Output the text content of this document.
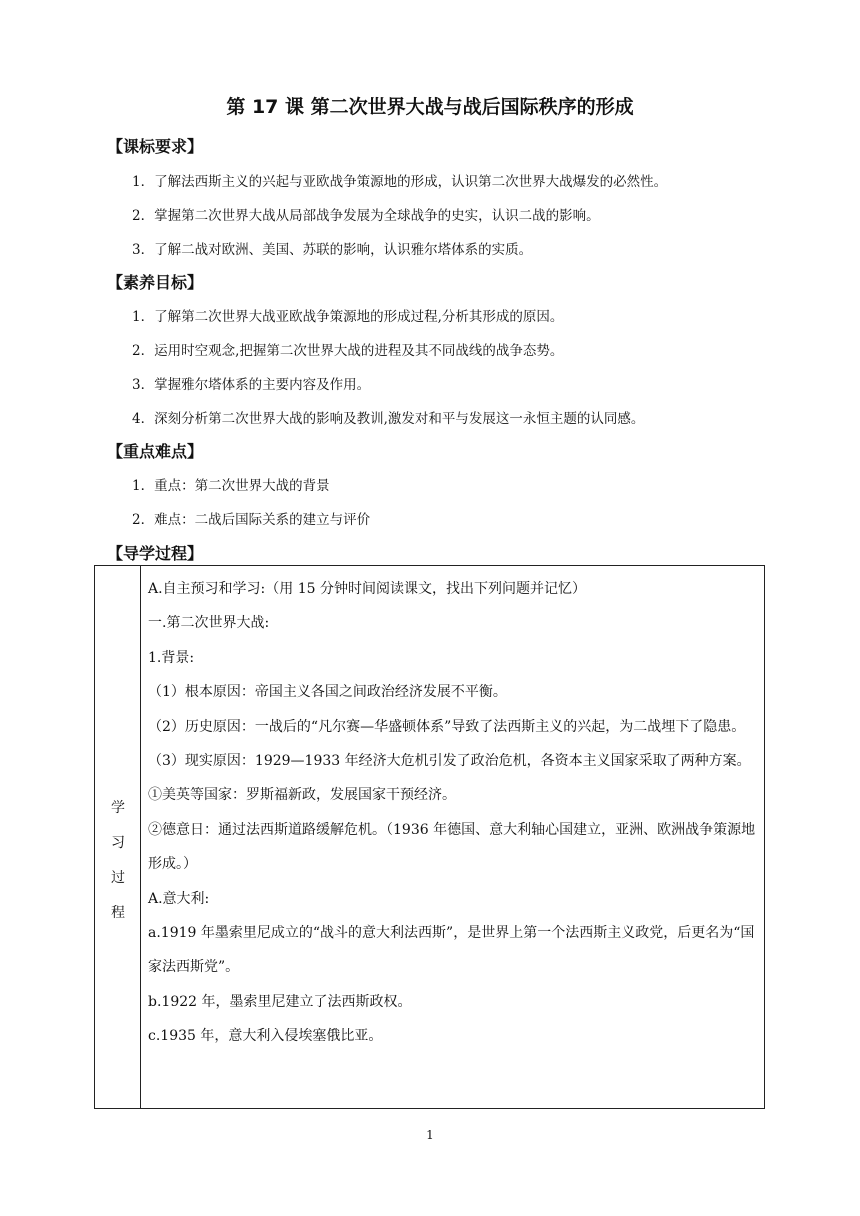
第 17 课 第二次世界大战与战后国际秩序的形成
【课标要求】
1．了解法西斯主义的兴起与亚欧战争策源地的形成，认识第二次世界大战爆发的必然性。
2．掌握第二次世界大战从局部战争发展为全球战争的史实，认识二战的影响。
3．了解二战对欧洲、美国、苏联的影响，认识雅尔塔体系的实质。
【素养目标】
1．了解第二次世界大战亚欧战争策源地的形成过程,分析其形成的原因。
2．运用时空观念,把握第二次世界大战的进程及其不同战线的战争态势。
3．掌握雅尔塔体系的主要内容及作用。
4．深刻分析第二次世界大战的影响及教训,激发对和平与发展这一永恒主题的认同感。
【重点难点】
1．重点：第二次世界大战的背景
2．难点：二战后国际关系的建立与评价
【导学过程】
学
习
过
程

A.自主预习和学习:（用 15 分钟时间阅读课文，找出下列问题并记忆）

一.第二次世界大战:

1.背景:

（1）根本原因：帝国主义各国之间政治经济发展不平衡。

（2）历史原因：一战后的“凡尔赛—华盛顿体系”导致了法西斯主义的兴起，为二战埋下了隐患。

（3）现实原因：1929—1933 年经济大危机引发了政治危机，各资本主义国家采取了两种方案。

①美英等国家：罗斯福新政，发展国家干预经济。

②德意日：通过法西斯道路缓解危机。（1936 年德国、意大利轴心国建立，亚洲、欧洲战争策源地形成。）

A.意大利:

a.1919 年墨索里尼成立的“战斗的意大利法西斯”，是世界上第一个法西斯主义政党，后更名为“国家法西斯党”。

b.1922 年，墨索里尼建立了法西斯政权。

c.1935 年，意大利入侵埃塞俄比亚。

1
